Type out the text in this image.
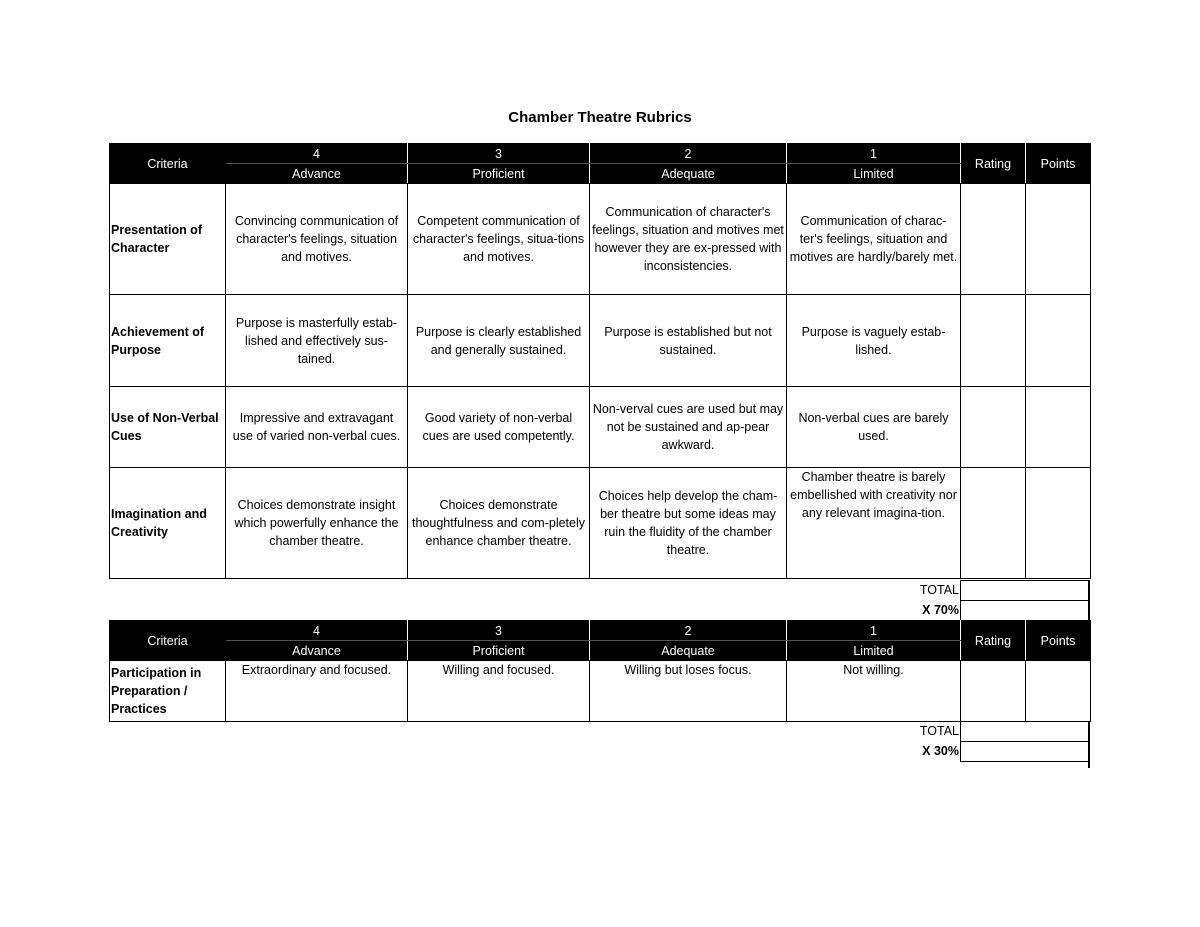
Chamber Theatre Rubrics
Criteria	4	3	2	1	Rating	Points
	Advance	Proficient	Adequate	Limited		
Presentation of Character	Convincing communication of character's feelings, situation and motives.	Competent communication of character's feelings, situa-tions and motives.	Communication of character's feelings, situation and motives met however they are ex-pressed with inconsistencies.	Communication of charac-ter's feelings, situation and motives are hardly/barely met.		
Achievement of Purpose	Purpose is masterfully estab-lished and effectively sus-tained.	Purpose is clearly established and generally sustained.	Purpose is established but not sustained.	Purpose is vaguely estab-lished.		
Use of Non-Verbal Cues	Impressive and extravagant use of varied non-verbal cues.	Good variety of non-verbal cues are used competently.	Non-verval cues are used but may not be sustained and ap-pear awkward.	Non-verbal cues are barely used.		
Imagination and Creativity	Choices demonstrate insight which powerfully enhance the chamber theatre.	Choices demonstrate thoughtfulness and com-pletely enhance chamber theatre.	Choices help develop the cham-ber theatre but some ideas may ruin the fluidity of the chamber theatre.	Chamber theatre is barely embellished with creativity nor any relevant imagina-tion.		
TOTAL
X 70%
Criteria	4	3	2	1	Rating	Points
	Advance	Proficient	Adequate	Limited		
Participation in Preparation / Practices	Extraordinary and focused.	Willing and focused.	Willing but loses focus.	Not willing.		
TOTAL
X 30%
